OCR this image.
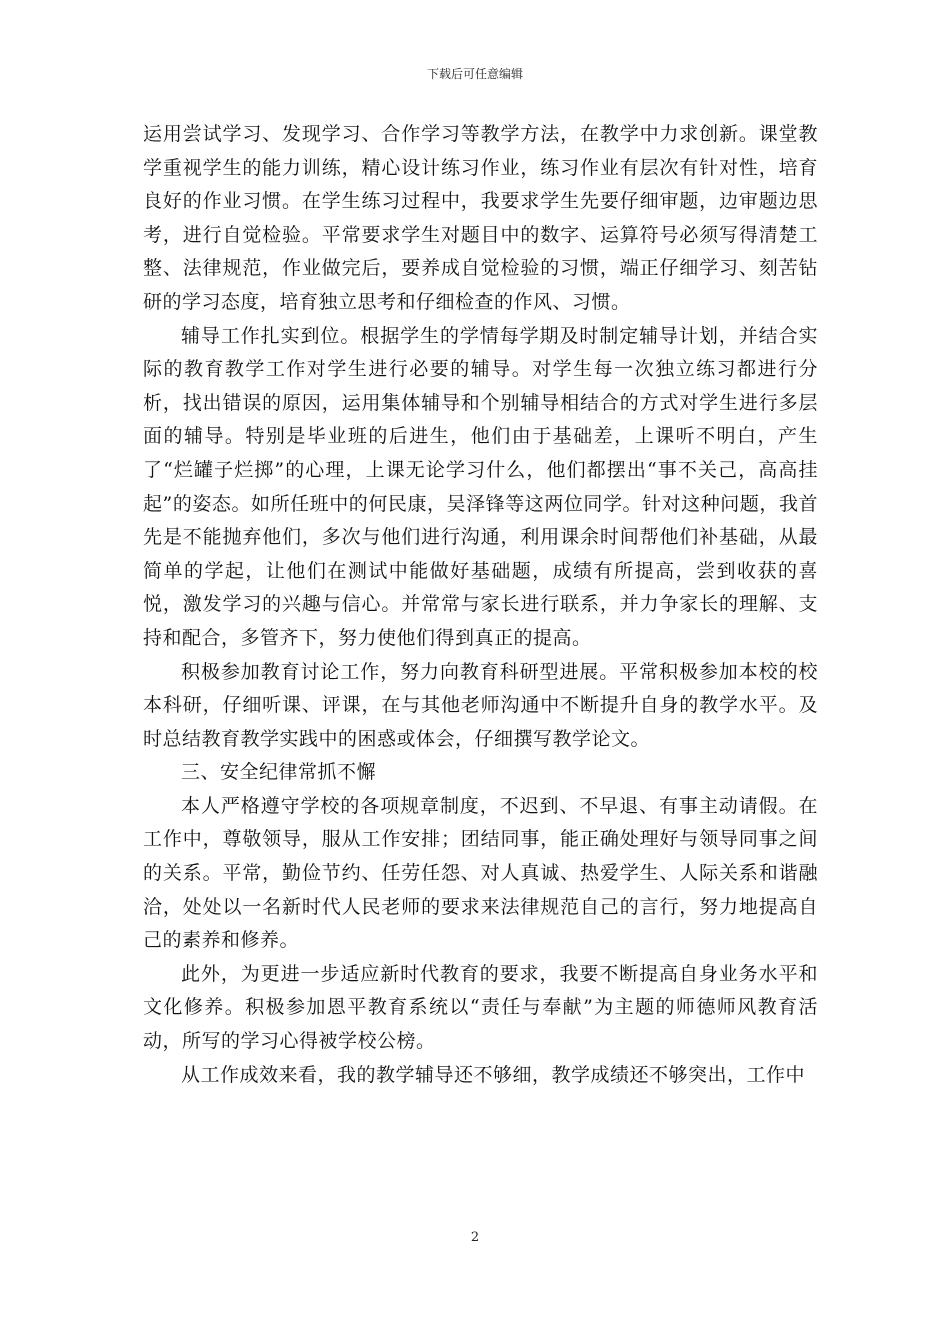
下载后可任意编辑

运用尝试学习、发现学习、合作学习等教学方法，在教学中力求创新。课堂教学重视学生的能力训练，精心设计练习作业，练习作业有层次有针对性，培育良好的作业习惯。在学生练习过程中，我要求学生先要仔细审题，边审题边思考，进行自觉检验。平常要求学生对题目中的数字、运算符号必须写得清楚工整、法律规范，作业做完后，要养成自觉检验的习惯，端正仔细学习、刻苦钻研的学习态度，培育独立思考和仔细检查的作风、习惯。

辅导工作扎实到位。根据学生的学情每学期及时制定辅导计划，并结合实际的教育教学工作对学生进行必要的辅导。对学生每一次独立练习都进行分析，找出错误的原因，运用集体辅导和个别辅导相结合的方式对学生进行多层面的辅导。特别是毕业班的后进生，他们由于基础差，上课听不明白，产生了“烂罐子烂掷”的心理，上课无论学习什么，他们都摆出“事不关己，高高挂起”的姿态。如所任班中的何民康，吴泽锋等这两位同学。针对这种问题，我首先是不能抛弃他们，多次与他们进行沟通，利用课余时间帮他们补基础，从最简单的学起，让他们在测试中能做好基础题，成绩有所提高，尝到收获的喜悦，激发学习的兴趣与信心。并常常与家长进行联系，并力争家长的理解、支持和配合，多管齐下，努力使他们得到真正的提高。

积极参加教育讨论工作，努力向教育科研型进展。平常积极参加本校的校本科研，仔细听课、评课，在与其他老师沟通中不断提升自身的教学水平。及时总结教育教学实践中的困惑或体会，仔细撰写教学论文。

三、安全纪律常抓不懈

本人严格遵守学校的各项规章制度，不迟到、不早退、有事主动请假。在工作中，尊敬领导，服从工作安排；团结同事，能正确处理好与领导同事之间的关系。平常，勤俭节约、任劳任怨、对人真诚、热爱学生、人际关系和谐融洽，处处以一名新时代人民老师的要求来法律规范自己的言行，努力地提高自己的素养和修养。

此外，为更进一步适应新时代教育的要求，我要不断提高自身业务水平和文化修养。积极参加恩平教育系统以“责任与奉献”为主题的师德师风教育活动，所写的学习心得被学校公榜。

从工作成效来看，我的教学辅导还不够细，教学成绩还不够突出，工作中

2
